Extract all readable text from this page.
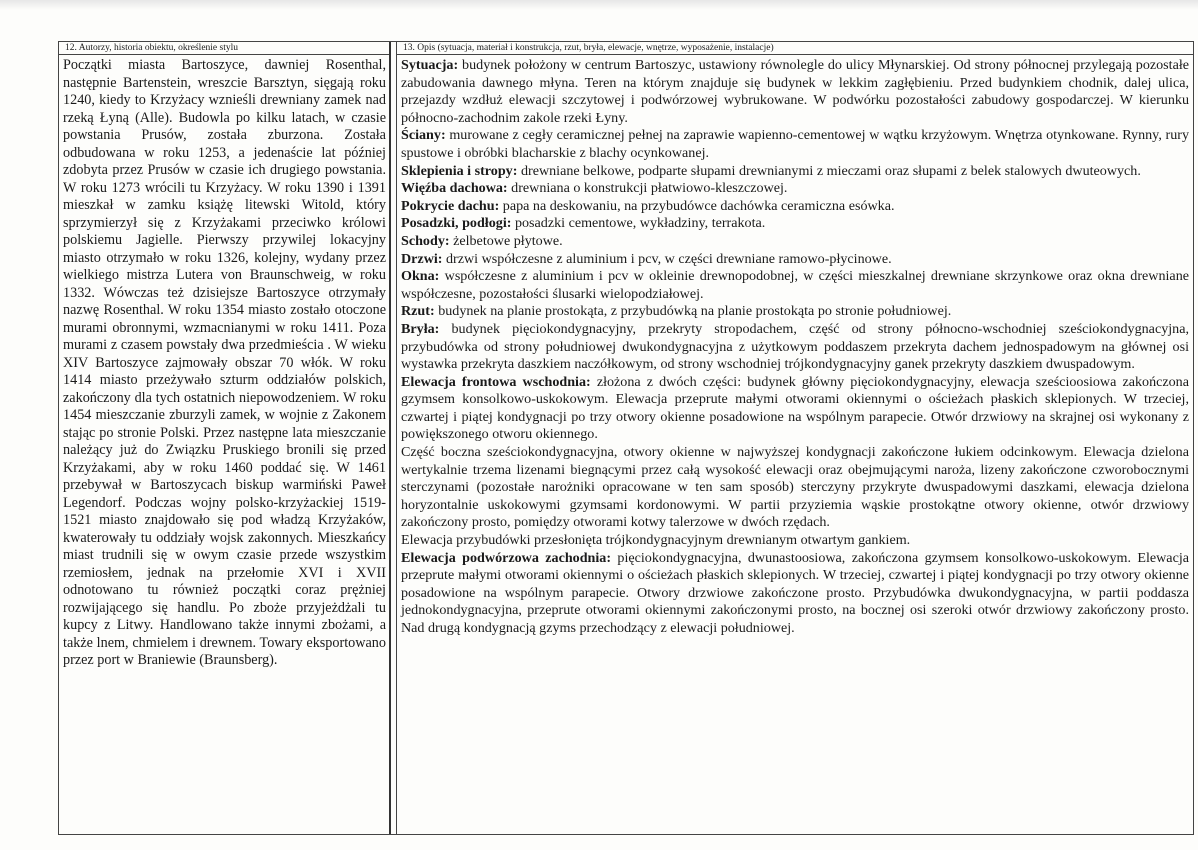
12. Autorzy, historia obiektu, określenie stylu

Początki miasta Bartoszyce, dawniej Rosenthal, następnie Bartenstein, wreszcie Barsztyn, sięgają roku 1240, kiedy to Krzyżacy wznieśli drewniany zamek nad rzeką Łyną (Alle). Budowla po kilku latach, w czasie powstania Prusów, została zburzona. Została odbudowana w roku 1253, a jedenaście lat później zdobyta przez Prusów w czasie ich drugiego powstania. W roku 1273 wrócili tu Krzyżacy. W roku 1390 i 1391 mieszkał w zamku książę litewski Witold, który sprzymierzył się z Krzyżakami przeciwko królowi polskiemu Jagielle. Pierwszy przywilej lokacyjny miasto otrzymało w roku 1326, kolejny, wydany przez wielkiego mistrza Lutera von Braunschweig, w roku 1332. Wówczas też dzisiejsze Bartoszyce otrzymały nazwę Rosenthal. W roku 1354 miasto zostało otoczone murami obronnymi, wzmacnianymi w roku 1411. Poza murami z czasem powstały dwa przedmieścia . W wieku XIV Bartoszyce zajmowały obszar 70 włók. W roku 1414 miasto przeżywało szturm oddziałów polskich, zakończony dla tych ostatnich niepowodzeniem. W roku 1454 mieszczanie zburzyli zamek, w wojnie z Zakonem stając po stronie Polski. Przez następne lata mieszczanie należący już do Związku Pruskiego bronili się przed Krzyżakami, aby w roku 1460 poddać się. W 1461 przebywał w Bartoszycach biskup warmiński Paweł Legendorf. Podczas wojny polsko-krzyżackiej 1519-1521 miasto znajdowało się pod władzą Krzyżaków, kwaterowały tu oddziały wojsk zakonnych. Mieszkańcy miast trudnili się w owym czasie przede wszystkim rzemiosłem, jednak na przełomie XVI i XVII odnotowano tu również początki coraz prężniej rozwijającego się handlu. Po zboże przyjeżdżali tu kupcy z Litwy. Handlowano także innymi zbożami, a także lnem, chmielem i drewnem. Towary eksportowano przez port w Braniewie (Braunsberg).

13. Opis (sytuacja, materiał i konstrukcja, rzut, bryła, elewacje, wnętrze, wyposażenie, instalacje)

Sytuacja: budynek położony w centrum Bartoszyc, ustawiony równolegle do ulicy Młynarskiej. Od strony północnej przylegają pozostałe zabudowania dawnego młyna. Teren na którym znajduje się budynek w lekkim zagłębieniu. Przed budynkiem chodnik, dalej ulica, przejazdy wzdłuż elewacji szczytowej i podwórzowej wybrukowane. W podwórku pozostałości zabudowy gospodarczej. W kierunku północno-zachodnim zakole rzeki Łyny.

Ściany: murowane z cegły ceramicznej pełnej na zaprawie wapienno-cementowej w wątku krzyżowym. Wnętrza otynkowane. Rynny, rury spustowe i obróbki blacharskie z blachy ocynkowanej.

Sklepienia i stropy: drewniane belkowe, podparte słupami drewnianymi z mieczami oraz słupami z belek stalowych dwuteowych.

Więźba dachowa: drewniana o konstrukcji płatwiowo-kleszczowej.

Pokrycie dachu: papa na deskowaniu, na przybudówce dachówka ceramiczna esówka.

Posadzki, podłogi: posadzki cementowe, wykładziny, terrakota.

Schody: żelbetowe płytowe.

Drzwi: drzwi współczesne z aluminium i pcv, w części drewniane ramowo-płycinowe.

Okna: współczesne z aluminium i pcv w okleinie drewnopodobnej, w części mieszkalnej drewniane skrzynkowe oraz okna drewniane współczesne, pozostałości ślusarki wielopodziałowej.

Rzut: budynek na planie prostokąta, z przybudówką na planie prostokąta po stronie południowej.

Bryła: budynek pięciokondygnacyjny, przekryty stropodachem, część od strony północno-wschodniej sześciokondygnacyjna, przybudówka od strony południowej dwukondygnacyjna z użytkowym poddaszem przekryta dachem jednospadowym na głównej osi wystawka przekryta daszkiem naczółkowym, od strony wschodniej trójkondygnacyjny ganek przekryty daszkiem dwuspadowym.

Elewacja frontowa wschodnia: złożona z dwóch części: budynek główny pięciokondygnacyjny, elewacja sześcioosiowa zakończona gzymsem konsolkowo-uskokowym. Elewacja przeprute małymi otworami okiennymi o ościeżach płaskich sklepionych. W trzeciej, czwartej i piątej kondygnacji po trzy otwory okienne posadowione na wspólnym parapecie. Otwór drzwiowy na skrajnej osi wykonany z powiększonego otworu okiennego.

Część boczna sześciokondygnacyjna, otwory okienne w najwyższej kondygnacji zakończone łukiem odcinkowym. Elewacja dzielona wertykalnie trzema lizenami biegnącymi przez całą wysokość elewacji oraz obejmującymi naroża, lizeny zakończone czworobocznymi sterczynami (pozostałe narożniki opracowane w ten sam sposób) sterczyny przykryte dwuspadowymi daszkami, elewacja dzielona horyzontalnie uskokowymi gzymsami kordonowymi. W partii przyziemia wąskie prostokątne otwory okienne, otwór drzwiowy zakończony prosto, pomiędzy otworami kotwy talerzowe w dwóch rzędach.

Elewacja przybudówki przesłonięta trójkondygnacyjnym drewnianym otwartym gankiem.

Elewacja podwórzowa zachodnia: pięciokondygnacyjna, dwunastoosiowa, zakończona gzymsem konsolkowo-uskokowym. Elewacja przeprute małymi otworami okiennymi o ościeżach płaskich sklepionych. W trzeciej, czwartej i piątej kondygnacji po trzy otwory okienne posadowione na wspólnym parapecie. Otwory drzwiowe zakończone prosto. Przybudówka dwukondygnacyjna, w partii poddasza jednokondygnacyjna, przeprute otworami okiennymi zakończonymi prosto, na bocznej osi szeroki otwór drzwiowy zakończony prosto. Nad drugą kondygnacją gzyms przechodzący z elewacji południowej.
